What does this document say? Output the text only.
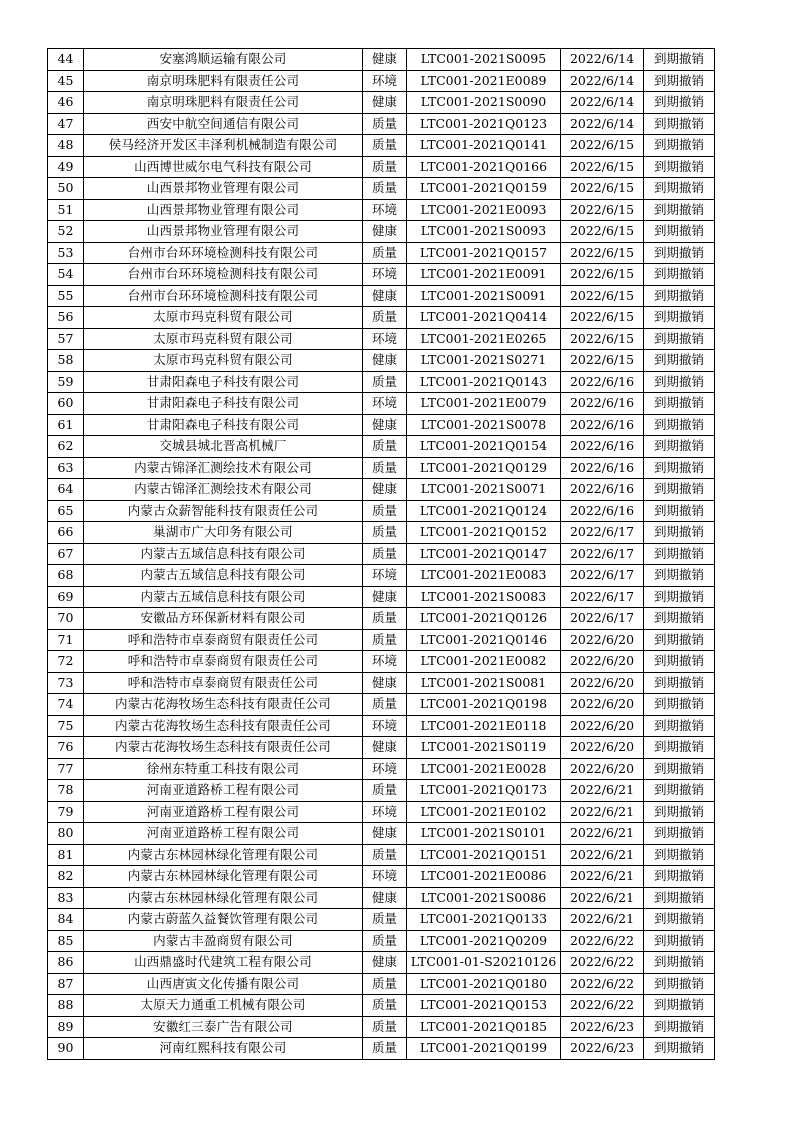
44	安塞鸿顺运输有限公司	健康	LTC001-2021S0095	2022/6/14	到期撤销
45	南京明珠肥料有限责任公司	环境	LTC001-2021E0089	2022/6/14	到期撤销
46	南京明珠肥料有限责任公司	健康	LTC001-2021S0090	2022/6/14	到期撤销
47	西安中航空间通信有限公司	质量	LTC001-2021Q0123	2022/6/14	到期撤销
48	侯马经济开发区丰泽利机械制造有限公司	质量	LTC001-2021Q0141	2022/6/15	到期撤销
49	山西博世威尔电气科技有限公司	质量	LTC001-2021Q0166	2022/6/15	到期撤销
50	山西景邦物业管理有限公司	质量	LTC001-2021Q0159	2022/6/15	到期撤销
51	山西景邦物业管理有限公司	环境	LTC001-2021E0093	2022/6/15	到期撤销
52	山西景邦物业管理有限公司	健康	LTC001-2021S0093	2022/6/15	到期撤销
53	台州市台环环境检测科技有限公司	质量	LTC001-2021Q0157	2022/6/15	到期撤销
54	台州市台环环境检测科技有限公司	环境	LTC001-2021E0091	2022/6/15	到期撤销
55	台州市台环环境检测科技有限公司	健康	LTC001-2021S0091	2022/6/15	到期撤销
56	太原市玛克科贸有限公司	质量	LTC001-2021Q0414	2022/6/15	到期撤销
57	太原市玛克科贸有限公司	环境	LTC001-2021E0265	2022/6/15	到期撤销
58	太原市玛克科贸有限公司	健康	LTC001-2021S0271	2022/6/15	到期撤销
59	甘肃阳森电子科技有限公司	质量	LTC001-2021Q0143	2022/6/16	到期撤销
60	甘肃阳森电子科技有限公司	环境	LTC001-2021E0079	2022/6/16	到期撤销
61	甘肃阳森电子科技有限公司	健康	LTC001-2021S0078	2022/6/16	到期撤销
62	交城县城北晋高机械厂	质量	LTC001-2021Q0154	2022/6/16	到期撤销
63	内蒙古锦泽汇测绘技术有限公司	质量	LTC001-2021Q0129	2022/6/16	到期撤销
64	内蒙古锦泽汇测绘技术有限公司	健康	LTC001-2021S0071	2022/6/16	到期撤销
65	内蒙古众薪智能科技有限责任公司	质量	LTC001-2021Q0124	2022/6/16	到期撤销
66	巢湖市广大印务有限公司	质量	LTC001-2021Q0152	2022/6/17	到期撤销
67	内蒙古五域信息科技有限公司	质量	LTC001-2021Q0147	2022/6/17	到期撤销
68	内蒙古五域信息科技有限公司	环境	LTC001-2021E0083	2022/6/17	到期撤销
69	内蒙古五域信息科技有限公司	健康	LTC001-2021S0083	2022/6/17	到期撤销
70	安徽品方环保新材料有限公司	质量	LTC001-2021Q0126	2022/6/17	到期撤销
71	呼和浩特市卓泰商贸有限责任公司	质量	LTC001-2021Q0146	2022/6/20	到期撤销
72	呼和浩特市卓泰商贸有限责任公司	环境	LTC001-2021E0082	2022/6/20	到期撤销
73	呼和浩特市卓泰商贸有限责任公司	健康	LTC001-2021S0081	2022/6/20	到期撤销
74	内蒙古花海牧场生态科技有限责任公司	质量	LTC001-2021Q0198	2022/6/20	到期撤销
75	内蒙古花海牧场生态科技有限责任公司	环境	LTC001-2021E0118	2022/6/20	到期撤销
76	内蒙古花海牧场生态科技有限责任公司	健康	LTC001-2021S0119	2022/6/20	到期撤销
77	徐州东特重工科技有限公司	环境	LTC001-2021E0028	2022/6/20	到期撤销
78	河南亚道路桥工程有限公司	质量	LTC001-2021Q0173	2022/6/21	到期撤销
79	河南亚道路桥工程有限公司	环境	LTC001-2021E0102	2022/6/21	到期撤销
80	河南亚道路桥工程有限公司	健康	LTC001-2021S0101	2022/6/21	到期撤销
81	内蒙古东林园林绿化管理有限公司	质量	LTC001-2021Q0151	2022/6/21	到期撤销
82	内蒙古东林园林绿化管理有限公司	环境	LTC001-2021E0086	2022/6/21	到期撤销
83	内蒙古东林园林绿化管理有限公司	健康	LTC001-2021S0086	2022/6/21	到期撤销
84	内蒙古蔚蓝久益餐饮管理有限公司	质量	LTC001-2021Q0133	2022/6/21	到期撤销
85	内蒙古丰盈商贸有限公司	质量	LTC001-2021Q0209	2022/6/22	到期撤销
86	山西鼎盛时代建筑工程有限公司	健康	LTC001-01-S20210126	2022/6/22	到期撤销
87	山西唐寅文化传播有限公司	质量	LTC001-2021Q0180	2022/6/22	到期撤销
88	太原天力通重工机械有限公司	质量	LTC001-2021Q0153	2022/6/22	到期撤销
89	安徽红三泰广告有限公司	质量	LTC001-2021Q0185	2022/6/23	到期撤销
90	河南红熙科技有限公司	质量	LTC001-2021Q0199	2022/6/23	到期撤销
